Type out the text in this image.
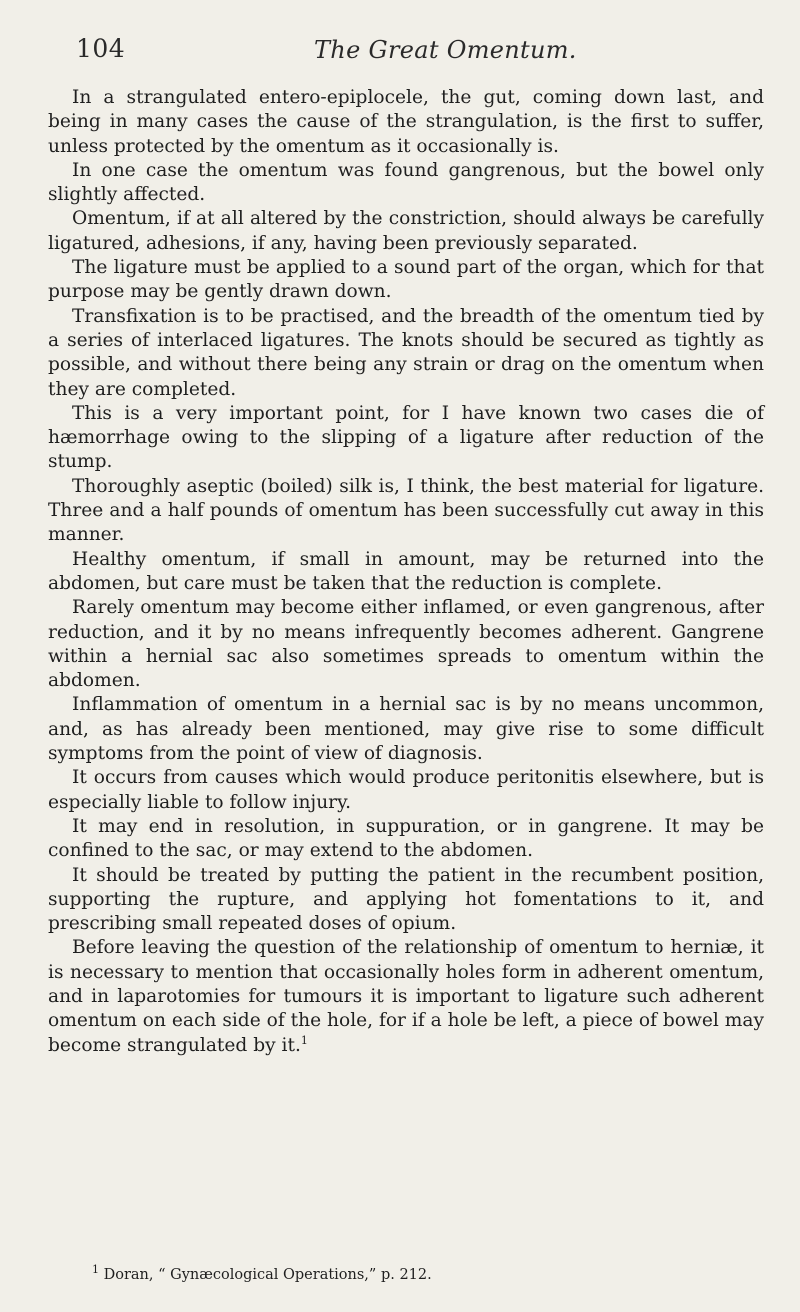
104	The Great Omentum.

In a strangulated entero-epiplocele, the gut, coming down last, and being in many cases the cause of the strangulation, is the first to suffer, unless protected by the omentum as it occasionally is.

In one case the omentum was found gangrenous, but the bowel only slightly affected.

Omentum, if at all altered by the constriction, should always be carefully ligatured, adhesions, if any, having been previously separated.

The ligature must be applied to a sound part of the organ, which for that purpose may be gently drawn down.

Transfixation is to be practised, and the breadth of the omentum tied by a series of interlaced ligatures. The knots should be secured as tightly as possible, and without there being any strain or drag on the omentum when they are completed.

This is a very important point, for I have known two cases die of hæmorrhage owing to the slipping of a ligature after reduction of the stump.

Thoroughly aseptic (boiled) silk is, I think, the best material for ligature. Three and a half pounds of omentum has been successfully cut away in this manner.

Healthy omentum, if small in amount, may be returned into the abdomen, but care must be taken that the reduction is complete.

Rarely omentum may become either inflamed, or even gangrenous, after reduction, and it by no means infrequently becomes adherent. Gangrene within a hernial sac also sometimes spreads to omentum within the abdomen.

Inflammation of omentum in a hernial sac is by no means uncommon, and, as has already been mentioned, may give rise to some difficult symptoms from the point of view of diagnosis.

It occurs from causes which would produce peritonitis elsewhere, but is especially liable to follow injury.

It may end in resolution, in suppuration, or in gangrene. It may be confined to the sac, or may extend to the abdomen.

It should be treated by putting the patient in the recumbent position, supporting the rupture, and applying hot fomentations to it, and prescribing small repeated doses of opium.

Before leaving the question of the relationship of omentum to herniæ, it is necessary to mention that occasionally holes form in adherent omentum, and in laparotomies for tumours it is important to ligature such adherent omentum on each side of the hole, for if a hole be left, a piece of bowel may become strangulated by it.$^1$

$^1$ Doran, “ Gynæcological Operations,” p. 212.
